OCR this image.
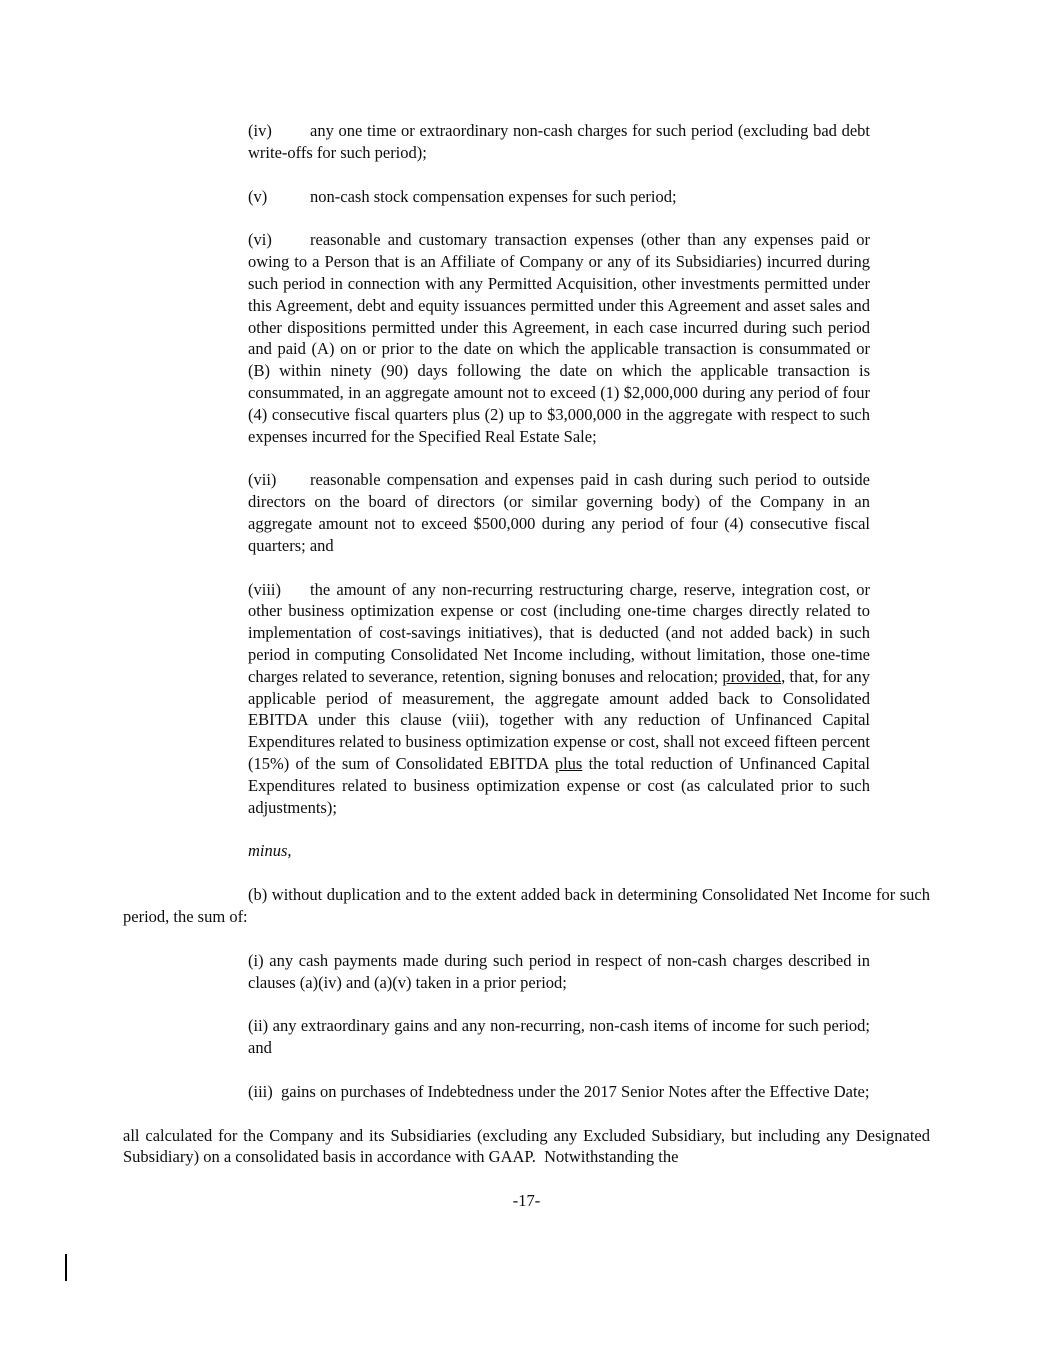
(iv) any one time or extraordinary non-cash charges for such period (excluding bad debt write-offs for such period);

(v)	non-cash stock compensation expenses for such period;

(vi) reasonable and customary transaction expenses (other than any expenses paid or owing to a Person that is an Affiliate of Company or any of its Subsidiaries) incurred during such period in connection with any Permitted Acquisition, other investments permitted under this Agreement, debt and equity issuances permitted under this Agreement and asset sales and other dispositions permitted under this Agreement, in each case incurred during such period and paid (A) on or prior to the date on which the applicable transaction is consummated or (B) within ninety (90) days following the date on which the applicable transaction is consummated, in an aggregate amount not to exceed (1) $2,000,000 during any period of four (4) consecutive fiscal quarters plus (2) up to $3,000,000 in the aggregate with respect to such expenses incurred for the Specified Real Estate Sale;

(vii) reasonable compensation and expenses paid in cash during such period to outside directors on the board of directors (or similar governing body) of the Company in an aggregate amount not to exceed $500,000 during any period of four (4) consecutive fiscal quarters; and

(viii) the amount of any non-recurring restructuring charge, reserve, integration cost, or other business optimization expense or cost (including one-time charges directly related to implementation of cost-savings initiatives), that is deducted (and not added back) in such period in computing Consolidated Net Income including, without limitation, those one-time charges related to severance, retention, signing bonuses and relocation; provided, that, for any applicable period of measurement, the aggregate amount added back to Consolidated EBITDA under this clause (viii), together with any reduction of Unfinanced Capital Expenditures related to business optimization expense or cost, shall not exceed fifteen percent (15%) of the sum of Consolidated EBITDA plus the total reduction of Unfinanced Capital Expenditures related to business optimization expense or cost (as calculated prior to such adjustments);

minus,

(b) without duplication and to the extent added back in determining Consolidated Net Income for such period, the sum of:

(i) any cash payments made during such period in respect of non-cash charges described in clauses (a)(iv) and (a)(v) taken in a prior period;

(ii) any extraordinary gains and any non-recurring, non-cash items of income for such period; and

(iii)  gains on purchases of Indebtedness under the 2017 Senior Notes after the Effective Date;

all calculated for the Company and its Subsidiaries (excluding any Excluded Subsidiary, but including any Designated Subsidiary) on a consolidated basis in accordance with GAAP.  Notwithstanding the

-17-
